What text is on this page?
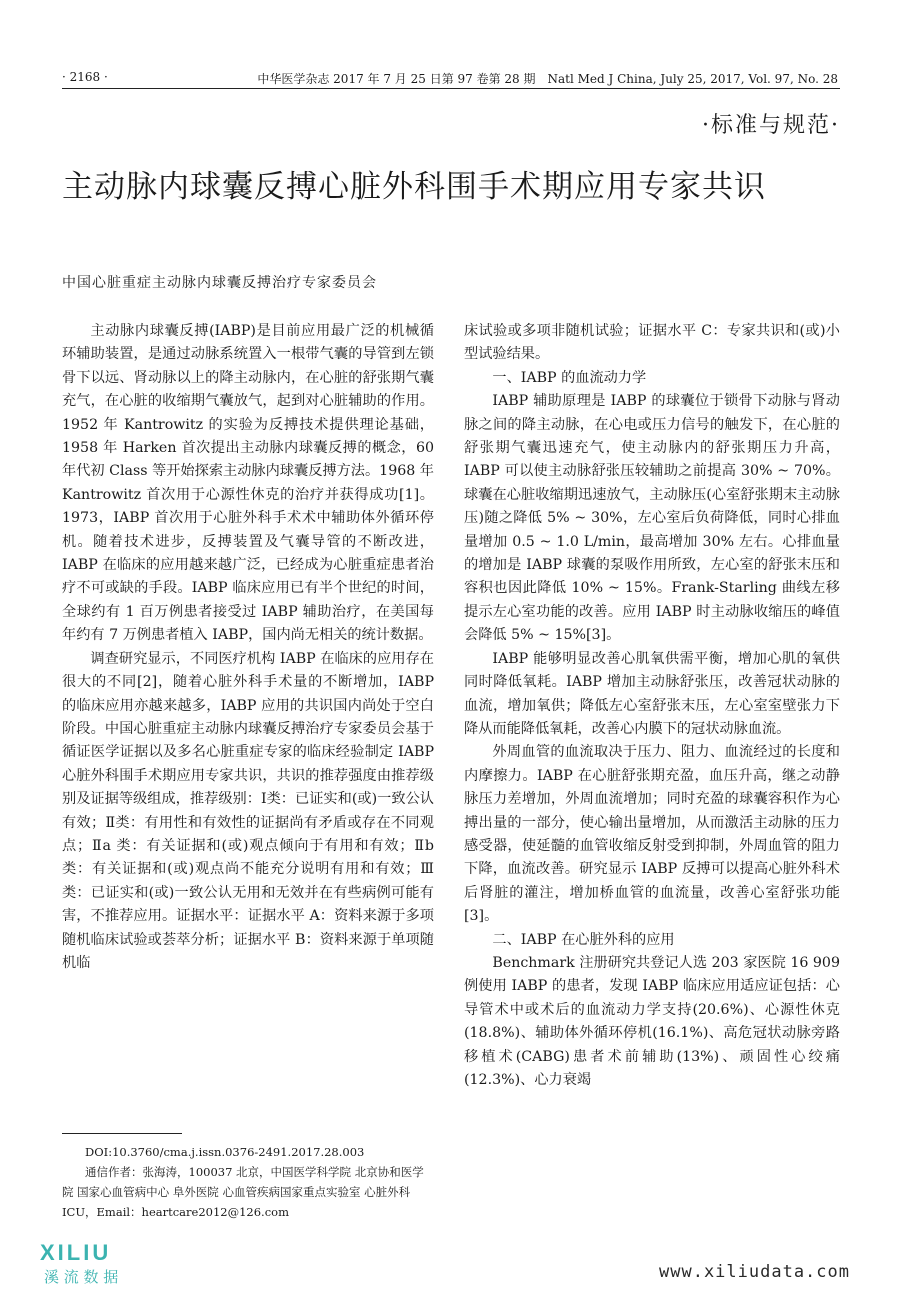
· 2168 ·	中华医学杂志 2017 年 7 月 25 日第 97 卷第 28 期　Natl Med J China, July 25, 2017, Vol. 97, No. 28
·标准与规范·
主动脉内球囊反搏心脏外科围手术期应用专家共识
中国心脏重症主动脉内球囊反搏治疗专家委员会

主动脉内球囊反搏(IABP)是目前应用最广泛的机械循环辅助装置，是通过动脉系统置入一根带气囊的导管到左锁骨下以远、肾动脉以上的降主动脉内，在心脏的舒张期气囊充气，在心脏的收缩期气囊放气，起到对心脏辅助的作用。1952 年 Kantrowitz 的实验为反搏技术提供理论基础，1958 年 Harken 首次提出主动脉内球囊反搏的概念，60 年代初 Class 等开始探索主动脉内球囊反搏方法。1968 年 Kantrowitz 首次用于心源性休克的治疗并获得成功[1]。1973，IABP 首次用于心脏外科手术术中辅助体外循环停机。随着技术进步，反搏装置及气囊导管的不断改进，IABP 在临床的应用越来越广泛，已经成为心脏重症患者治疗不可或缺的手段。IABP 临床应用已有半个世纪的时间，全球约有 1 百万例患者接受过 IABP 辅助治疗，在美国每年约有 7 万例患者植入 IABP，国内尚无相关的统计数据。

调查研究显示，不同医疗机构 IABP 在临床的应用存在很大的不同[2]，随着心脏外科手术量的不断增加，IABP 的临床应用亦越来越多，IABP 应用的共识国内尚处于空白阶段。中国心脏重症主动脉内球囊反搏治疗专家委员会基于循证医学证据以及多名心脏重症专家的临床经验制定 IABP 心脏外科围手术期应用专家共识，共识的推荐强度由推荐级别及证据等级组成，推荐级别：Ⅰ类：已证实和(或)一致公认有效；Ⅱ类：有用性和有效性的证据尚有矛盾或存在不同观点；Ⅱa 类：有关证据和(或)观点倾向于有用和有效；Ⅱb 类：有关证据和(或)观点尚不能充分说明有用和有效；Ⅲ类：已证实和(或)一致公认无用和无效并在有些病例可能有害，不推荐应用。证据水平：证据水平 A：资料来源于多项随机临床试验或荟萃分析；证据水平 B：资料来源于单项随机临

床试验或多项非随机试验；证据水平 C：专家共识和(或)小型试验结果。

一、IABP 的血流动力学

IABP 辅助原理是 IABP 的球囊位于锁骨下动脉与肾动脉之间的降主动脉，在心电或压力信号的触发下，在心脏的舒张期气囊迅速充气，使主动脉内的舒张期压力升高，IABP 可以使主动脉舒张压较辅助之前提高 30% ~ 70%。球囊在心脏收缩期迅速放气，主动脉压(心室舒张期末主动脉压)随之降低 5% ~ 30%，左心室后负荷降低，同时心排血量增加 0.5 ~ 1.0 L/min，最高增加 30% 左右。心排血量的增加是 IABP 球囊的泵吸作用所致，左心室的舒张末压和容积也因此降低 10% ~ 15%。Frank-Starling 曲线左移提示左心室功能的改善。应用 IABP 时主动脉收缩压的峰值会降低 5% ~ 15%[3]。

IABP 能够明显改善心肌氧供需平衡，增加心肌的氧供同时降低氧耗。IABP 增加主动脉舒张压，改善冠状动脉的血流，增加氧供；降低左心室舒张末压，左心室室壁张力下降从而能降低氧耗，改善心内膜下的冠状动脉血流。

外周血管的血流取决于压力、阻力、血流经过的长度和内摩擦力。IABP 在心脏舒张期充盈，血压升高，继之动静脉压力差增加，外周血流增加；同时充盈的球囊容积作为心搏出量的一部分，使心输出量增加，从而激活主动脉的压力感受器，使延髓的血管收缩反射受到抑制，外周血管的阻力下降，血流改善。研究显示 IABP 反搏可以提高心脏外科术后肾脏的灌注，增加桥血管的血流量，改善心室舒张功能[3]。

二、IABP 在心脏外科的应用

Benchmark 注册研究共登记人选 203 家医院 16 909 例使用 IABP 的患者，发现 IABP 临床应用适应证包括：心导管术中或术后的血流动力学支持(20.6%)、心源性休克(18.8%)、辅助体外循环停机(16.1%)、高危冠状动脉旁路移植术(CABG)患者术前辅助(13%)、顽固性心绞痛(12.3%)、心力衰竭

DOI:10.3760/cma.j.issn.0376-2491.2017.28.003

通信作者：张海涛，100037 北京，中国医学科学院 北京协和医学院 国家心血管病中心 阜外医院 心血管疾病国家重点实验室 心脏外科 ICU，Email：heartcare2012@126.com

XILIU
溪 流 数 据	www.xiliudata.com
